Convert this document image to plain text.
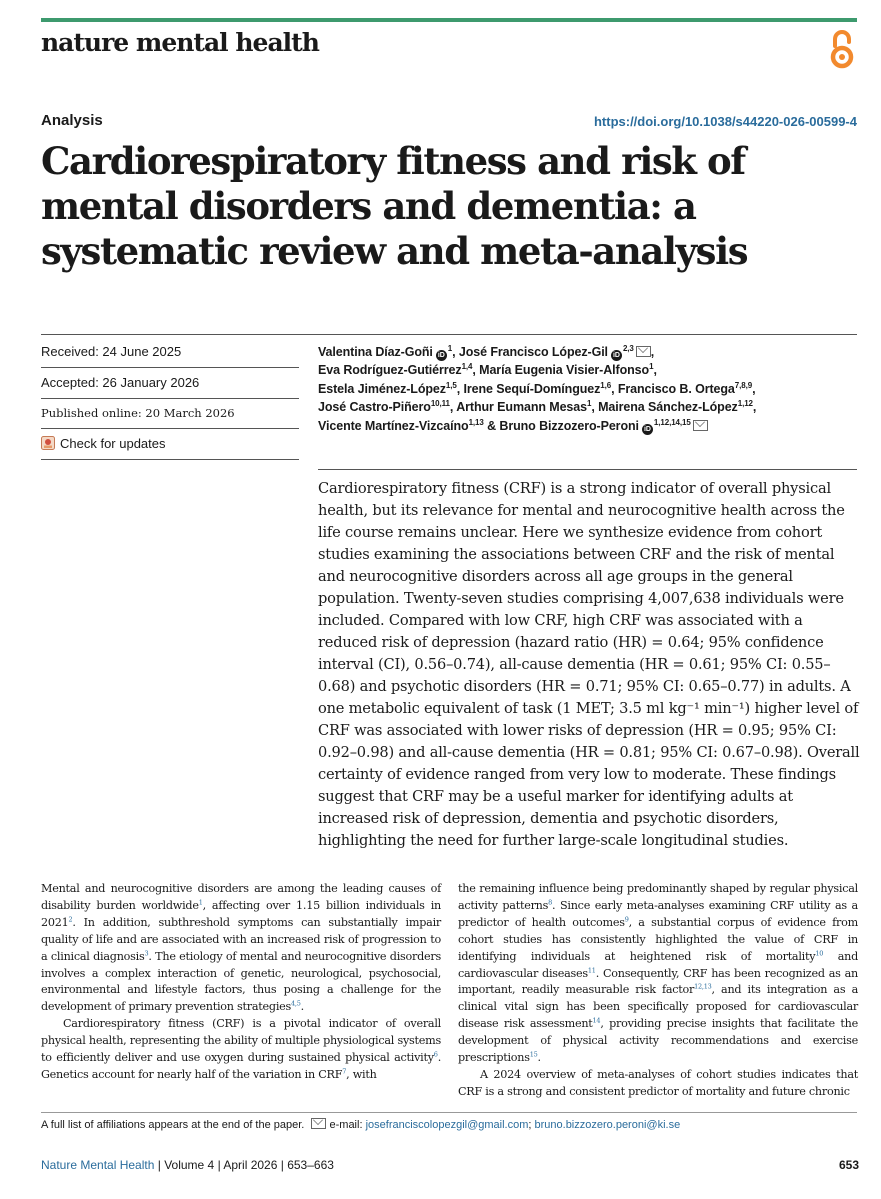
nature mental health
Analysis	https://doi.org/10.1038/s44220-026-00599-4
Cardiorespiratory fitness and risk of mental disorders and dementia: a systematic review and meta-analysis
Received: 24 June 2025
Accepted: 26 January 2026
Published online: 20 March 2026
Check for updates
Valentina Díaz-Goñi $iD^1$, José Francisco López-Gil iD$^{2,3}$ ,
Eva Rodríguez-Gutiérrez$^{1,4}$, María Eugenia Visier-Alfonso$^1$,
Estela Jiménez-López$^{1,5}$, Irene Sequí-Domínguez$^{1,6}$, Francisco B. Ortega$^{7,8,9}$,
José Castro-Piñero$^{10,11}$, Arthur Eumann Mesas$^1$, Mairena Sánchez-López$^{1,12}$,
Vicente Martínez-Vizcaíno$^{1,13}$ & Bruno Bizzozero-Peroni iD$^{1,12,14,15}$

Cardiorespiratory fitness (CRF) is a strong indicator of overall physical health, but its relevance for mental and neurocognitive health across the life course remains unclear. Here we synthesize evidence from cohort studies examining the associations between CRF and the risk of mental and neurocognitive disorders across all age groups in the general population. Twenty-seven studies comprising 4,007,638 individuals were included. Compared with low CRF, high CRF was associated with a reduced risk of depression (hazard ratio (HR) = 0.64; 95% confidence interval (CI), 0.56–0.74), all-cause dementia (HR = 0.61; 95% CI: 0.55–0.68) and psychotic disorders (HR = 0.71; 95% CI: 0.65–0.77) in adults. A one metabolic equivalent of task (1 MET; 3.5 ml kg⁻¹ min⁻¹) higher level of CRF was associated with lower risks of depression (HR = 0.95; 95% CI: 0.92–0.98) and all-cause dementia (HR = 0.81; 95% CI: 0.67–0.98). Overall certainty of evidence ranged from very low to moderate. These findings suggest that CRF may be a useful marker for identifying adults at increased risk of depression, dementia and psychotic disorders, highlighting the need for further large-scale longitudinal studies.

Mental and neurocognitive disorders are among the leading causes of disability burden worldwide$^1$, affecting over 1.15 billion individuals in 2021$^2$. In addition, subthreshold symptoms can substantially impair quality of life and are associated with an increased risk of progression to a clinical diagnosis$^3$. The etiology of mental and neurocognitive disorders involves a complex interaction of genetic, neurological, psychosocial, environmental and lifestyle factors, thus posing a challenge for the development of primary prevention strategies$^{4,5}$.

Cardiorespiratory fitness (CRF) is a pivotal indicator of overall physical health, representing the ability of multiple physiological systems to efficiently deliver and use oxygen during sustained physical activity$^6$. Genetics account for nearly half of the variation in CRF$^7$, with

the remaining influence being predominantly shaped by regular physical activity patterns$^8$. Since early meta-analyses examining CRF utility as a predictor of health outcomes$^9$, a substantial corpus of evidence from cohort studies has consistently highlighted the value of CRF in identifying individuals at heightened risk of mortality$^{10}$ and cardiovascular diseases$^{11}$. Consequently, CRF has been recognized as an important, readily measurable risk factor$^{12,13}$, and its integration as a clinical vital sign has been specifically proposed for cardiovascular disease risk assessment$^{14}$, providing precise insights that facilitate the development of physical activity recommendations and exercise prescriptions$^{15}$.

A 2024 overview of meta-analyses of cohort studies indicates that CRF is a strong and consistent predictor of mortality and future chronic

A full list of affiliations appears at the end of the paper. e-mail: josefranciscolopezgil@gmail.com; bruno.bizzozero.peroni@ki.se
Nature Mental Health | Volume 4 | April 2026 | 653–663	653
